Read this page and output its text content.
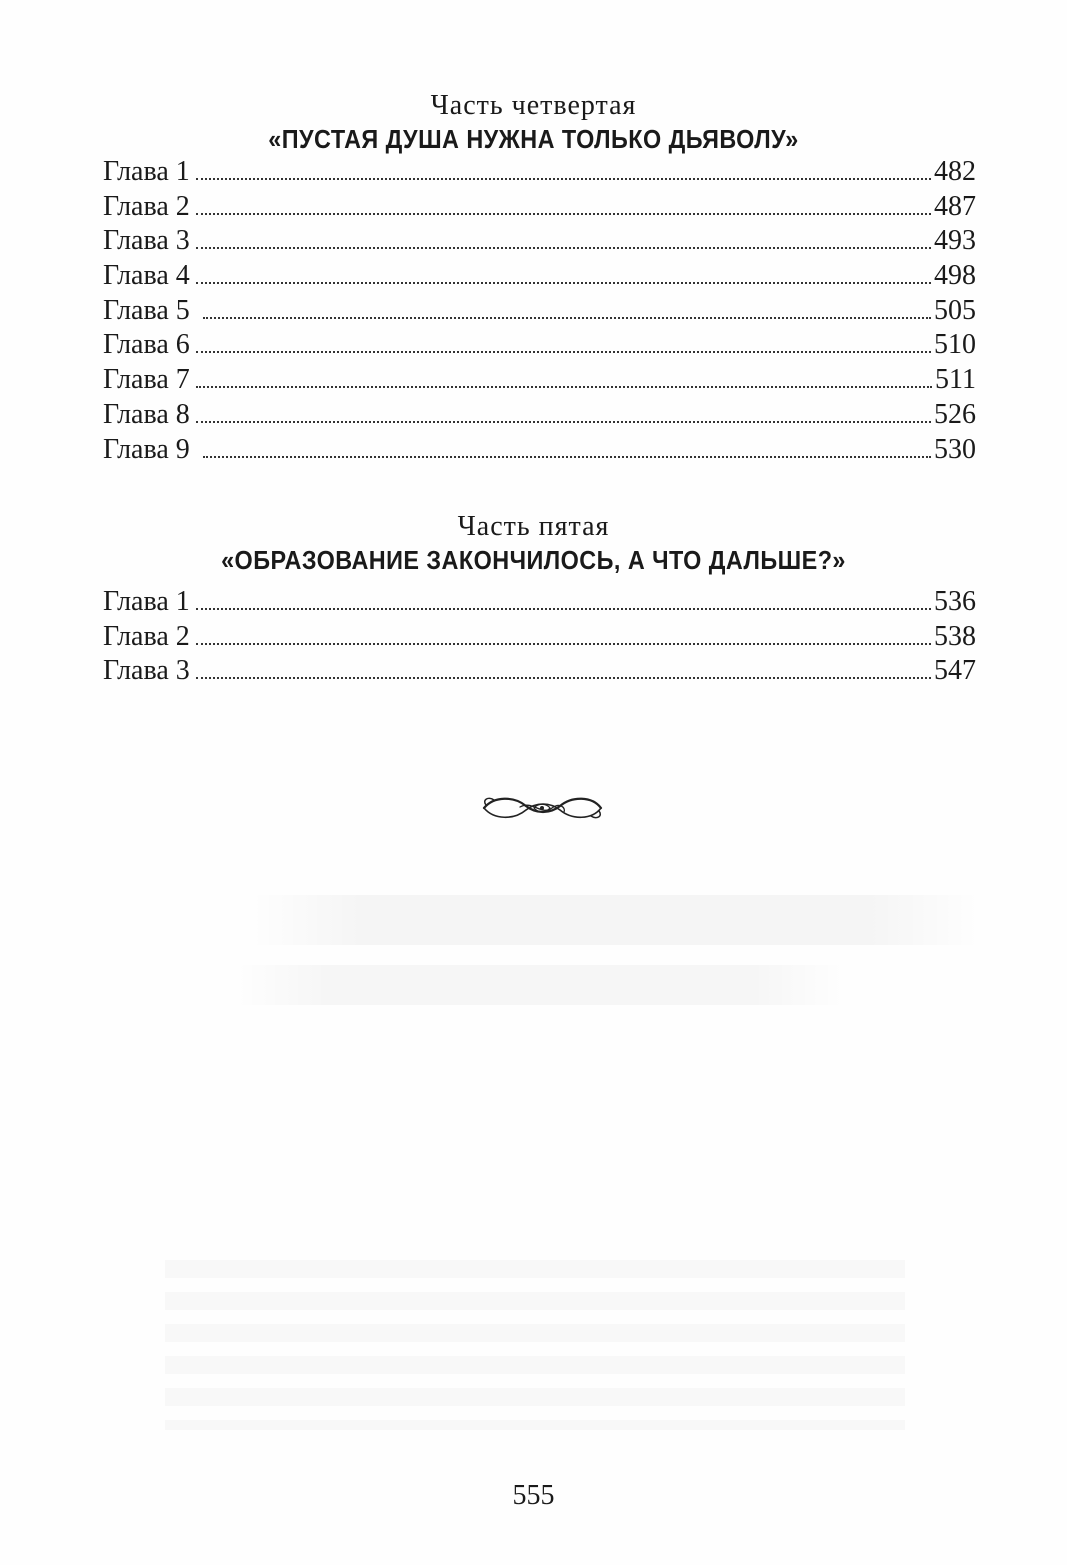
Часть четвертая
«ПУСТАЯ ДУША НУЖНА ТОЛЬКО ДЬЯВОЛУ»
Глава 1	482
Глава 2	487
Глава 3	493
Глава 4	498
Глава 5	505
Глава 6	510
Глава 7	511
Глава 8	526
Глава 9	530
Часть пятая
«ОБРАЗОВАНИЕ ЗАКОНЧИЛОСЬ, А ЧТО ДАЛЬШЕ?»
Глава 1	536
Глава 2	538
Глава 3	547
555
